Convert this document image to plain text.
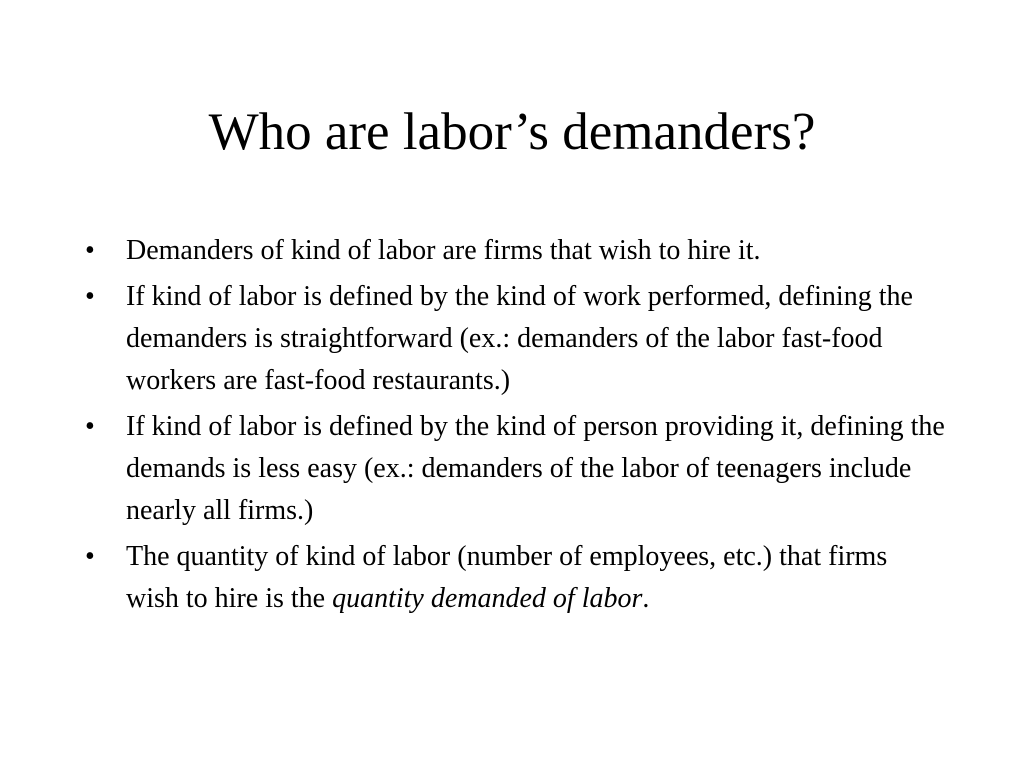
Who are labor’s demanders?
•	Demanders of kind of labor are firms that wish to hire it.
•	If kind of labor is defined by the kind of work performed, defining the demanders is straightforward (ex.: demanders of the labor fast-food workers are fast-food restaurants.)
•	If kind of labor is defined by the kind of person providing it, defining the demands is less easy (ex.: demanders of the labor of teenagers include nearly all firms.)
•	The quantity of kind of labor (number of employees, etc.) that firms wish to hire is the quantity demanded of labor.
